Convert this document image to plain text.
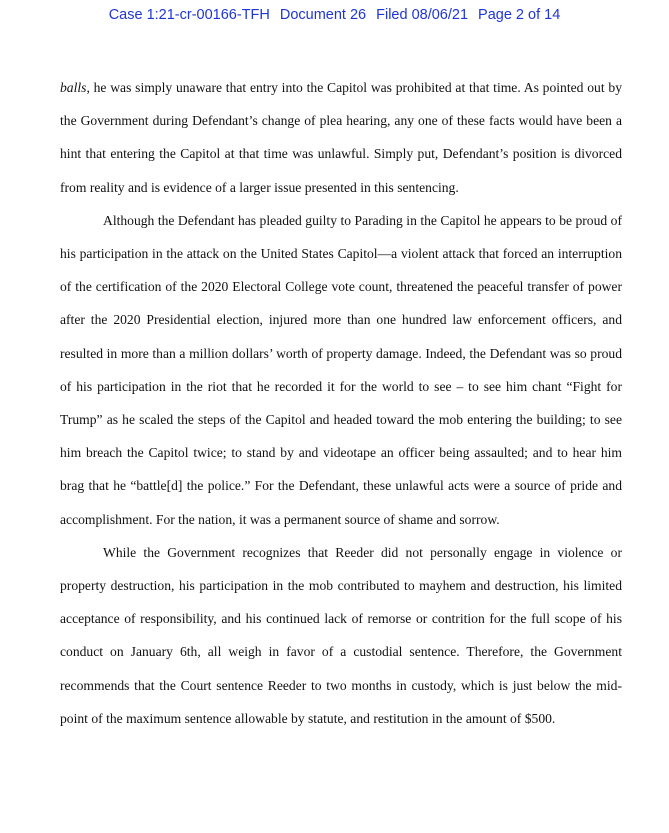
Case 1:21-cr-00166-TFH Document 26 Filed 08/06/21 Page 2 of 14

balls, he was simply unaware that entry into the Capitol was prohibited at that time. As pointed out by the Government during Defendant’s change of plea hearing, any one of these facts would have been a hint that entering the Capitol at that time was unlawful. Simply put, Defendant’s position is divorced from reality and is evidence of a larger issue presented in this sentencing.

Although the Defendant has pleaded guilty to Parading in the Capitol he appears to be proud of his participation in the attack on the United States Capitol—a violent attack that forced an interruption of the certification of the 2020 Electoral College vote count, threatened the peaceful transfer of power after the 2020 Presidential election, injured more than one hundred law enforcement officers, and resulted in more than a million dollars’ worth of property damage. Indeed, the Defendant was so proud of his participation in the riot that he recorded it for the world to see – to see him chant “Fight for Trump” as he scaled the steps of the Capitol and headed toward the mob entering the building; to see him breach the Capitol twice; to stand by and videotape an officer being assaulted; and to hear him brag that he “battle[d] the police.” For the Defendant, these unlawful acts were a source of pride and accomplishment. For the nation, it was a permanent source of shame and sorrow.

While the Government recognizes that Reeder did not personally engage in violence or property destruction, his participation in the mob contributed to mayhem and destruction, his limited acceptance of responsibility, and his continued lack of remorse or contrition for the full scope of his conduct on January 6th, all weigh in favor of a custodial sentence. Therefore, the Government recommends that the Court sentence Reeder to two months in custody, which is just below the mid-point of the maximum sentence allowable by statute, and restitution in the amount of $500.
